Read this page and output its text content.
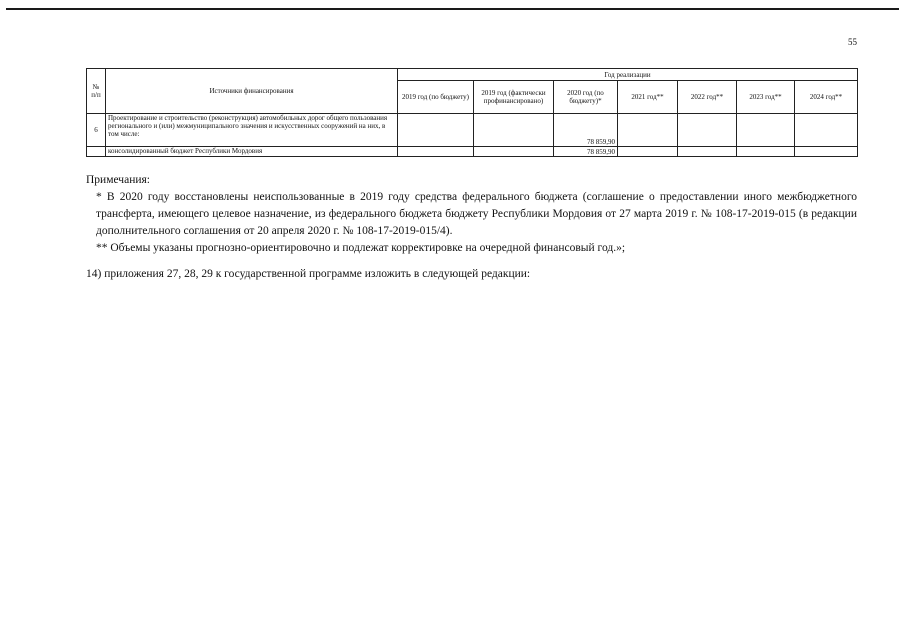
55
№ п/п	Источники финансирования	Год реализации						
		2019 год (по бюджету)	2019 год (фактически профинансировано)	2020 год (по бюджету)*	2021 год**	2022 год**	2023 год**	2024 год**
6	Проектирование и строительство (реконструкция) автомобильных дорог общего пользования регионального и (или) межмуниципального значения и искусственных сооружений на них, в том числе:			78 859,90				
	консолидированный бюджет Республики Мордовия			78 859,90				

Примечания:

* В 2020 году восстановлены неиспользованные в 2019 году средства федерального бюджета (соглашение о предоставлении иного межбюджетного трансферта, имеющего целевое назначение, из федерального бюджета бюджету Республики Мордовия от 27 марта 2019 г. № 108-17-2019-015 (в редакции дополнительного соглашения от 20 апреля 2020 г. № 108-17-2019-015/4).

** Объемы указаны прогнозно-ориентировочно и подлежат корректировке на очередной финансовый год.»;

14) приложения 27, 28, 29 к государственной программе изложить в следующей редакции:
